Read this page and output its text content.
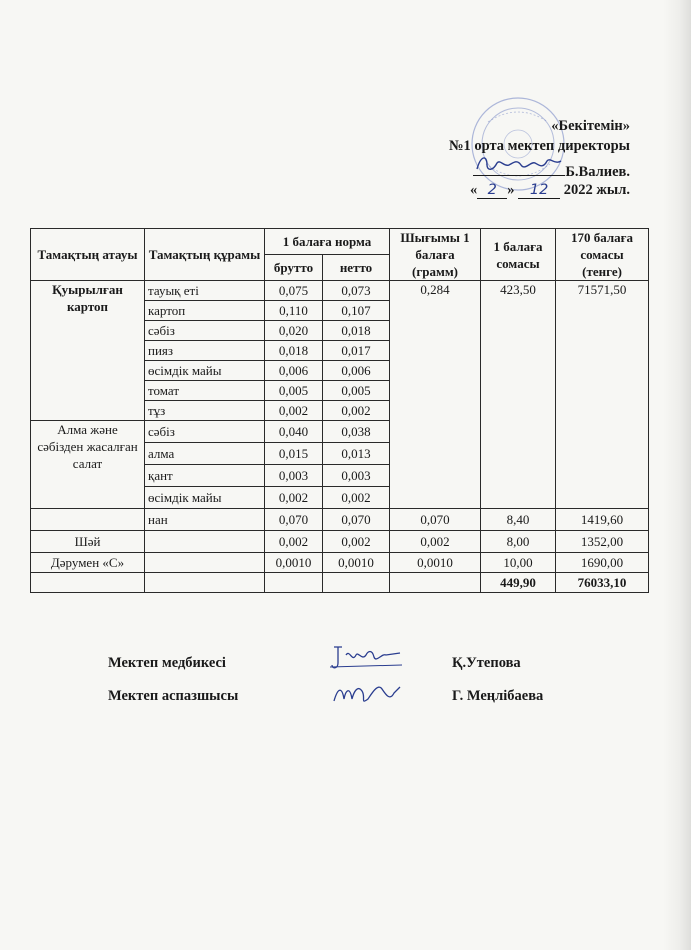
«Бекітемін»
№1 орта мектеп директоры
Б.Валиев.
« 2 » 12 2022 жыл.
Тамақтың атауы	Тамақтың құрамы	1 балаға норма		Шығымы 1 балаға (грамм)	1 балаға сомасы	170 балаға сомасы (тенге)
		брутто	нетто			
Қуырылған картоп	тауық еті	0,075	0,073	0,284	423,50	71571,50
	картоп	0,110	0,107			
	сәбіз	0,020	0,018			
	пияз	0,018	0,017			
	өсімдік майы	0,006	0,006			
	томат	0,005	0,005			
	тұз	0,002	0,002			
Алма және сәбізден жасалған салат	сәбіз	0,040	0,038			
	алма	0,015	0,013			
	қант	0,003	0,003			
	өсімдік майы	0,002	0,002			
	нан	0,070	0,070	0,070	8,40	1419,60
Шәй		0,002	0,002	0,002	8,00	1352,00
Дәрумен «С»		0,0010	0,0010	0,0010	10,00	1690,00
					449,90	76033,10
Мектеп медбикесі	Қ.Утепова
Мектеп аспазшысы	Г. Меңлібаева
